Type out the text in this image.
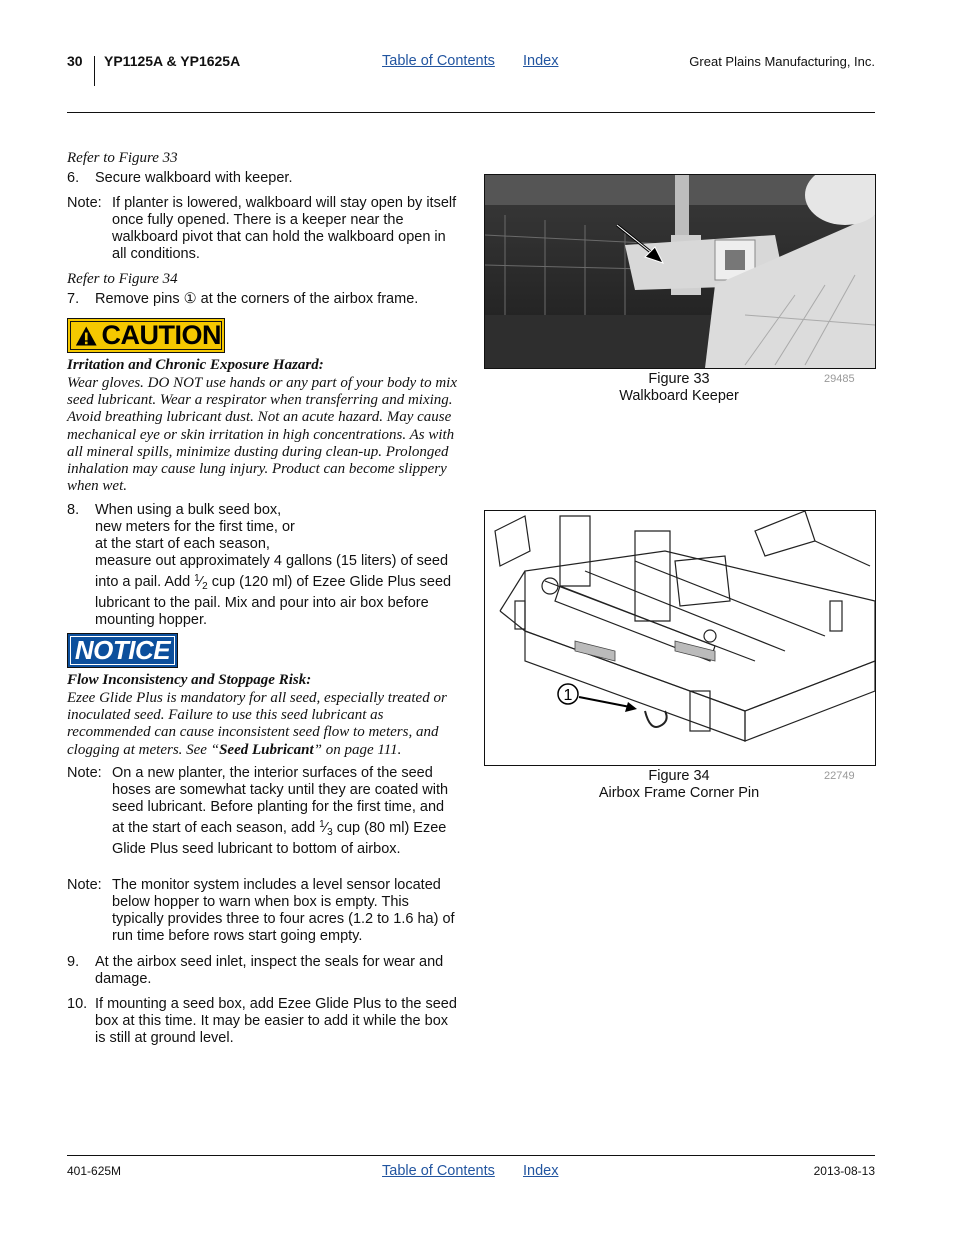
30 YP1125A & YP1625A	Table of Contents Index	Great Plains Manufacturing, Inc.
Refer to Figure 33
6. Secure walkboard with keeper.
Note: If planter is lowered, walkboard will stay open by itself once fully opened. There is a keeper near the walkboard pivot that can hold the walkboard open in all conditions.
Refer to Figure 34
7. Remove pins ① at the corners of the airbox frame.
CAUTION
Irritation and Chronic Exposure Hazard:
Wear gloves. DO NOT use hands or any part of your body to mix seed lubricant. Wear a respirator when transferring and mixing. Avoid breathing lubricant dust. Not an acute hazard. May cause mechanical eye or skin irritation in high concentrations. As with all mineral spills, minimize dusting during clean-up. Prolonged inhalation may cause lung injury. Product can become slippery when wet.
8.	When using a bulk seed box,
new meters for the first time, or
at the start of each season,
measure out approximately 4 gallons (15 liters) of seed into a pail. Add $^1⁄_2$ cup (120 ml) of Ezee Glide Plus seed lubricant to the pail. Mix and pour into air box before mounting hopper.
NOTICE
Flow Inconsistency and Stoppage Risk:
Ezee Glide Plus is mandatory for all seed, especially treated or inoculated seed. Failure to use this seed lubricant as recommended can cause inconsistent seed flow to meters, and clogging at meters. See “Seed Lubricant” on page 111.
Note: On a new planter, the interior surfaces of the seed hoses are somewhat tacky until they are coated with seed lubricant. Before planting for the first time, and at the start of each season, add $^1⁄_3$ cup (80 ml) Ezee Glide Plus seed lubricant to bottom of airbox.
Note: The monitor system includes a level sensor located below hopper to warn when box is empty. This typically provides three to four acres (1.2 to 1.6 ha) of run time before rows start going empty.
9.	At the airbox seed inlet, inspect the seals for wear and damage.
10. If mounting a seed box, add Ezee Glide Plus to the seed box at this time. It may be easier to add it while the box is still at ground level.
Figure 33
Walkboard Keeper
29485
1
Figure 34
Airbox Frame Corner Pin
22749
401-625M	Table of Contents Index	2013-08-13
